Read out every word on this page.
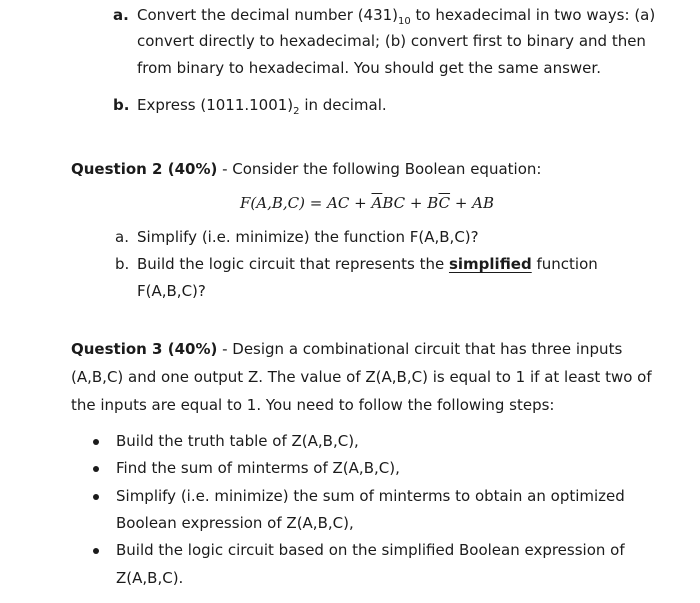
a. Convert the decimal number $(431)_{10}$ to hexadecimal in two ways: (a)
convert directly to hexadecimal; (b) convert first to binary and then
from binary to hexadecimal. You should get the same answer.
b. Express $(1011.1001)_2$ in decimal.
Question 2 (40%) - Consider the following Boolean equation:
F(A,B,C) = AC + $\overline{A}BC + B\overline{C}$ + AB
a. Simplify (i.e. minimize) the function F(A,B,C)?
b. Build the logic circuit that represents the simplified function
F(A,B,C)?
Question 3 (40%) - Design a combinational circuit that has three inputs
(A,B,C) and one output Z. The value of Z(A,B,C) is equal to 1 if at least two of
the inputs are equal to 1. You need to follow the following steps:
Build the truth table of Z(A,B,C),
Find the sum of minterms of Z(A,B,C),
Simplify (i.e. minimize) the sum of minterms to obtain an optimized
Boolean expression of Z(A,B,C),
Build the logic circuit based on the simplified Boolean expression of
Z(A,B,C).
